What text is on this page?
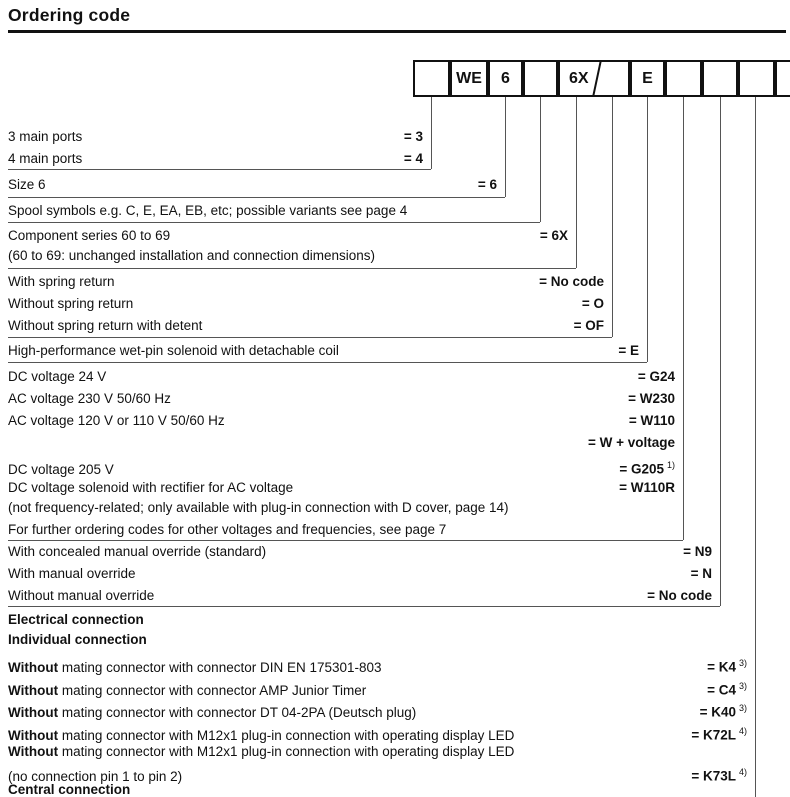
Ordering code
WE 6	6X	E
3 main ports	= 3
4 main ports	= 4
Size 6	= 6
Spool symbols e.g. C, E, EA, EB, etc; possible variants see page 4
Component series 60 to 69	= 6X
(60 to 69: unchanged installation and connection dimensions)
With spring return	= No code
Without spring return	= O
Without spring return with detent	= OF
High-performance wet-pin solenoid with detachable coil	= E
DC voltage 24 V	= G24
AC voltage 230 V 50/60 Hz	= W230
AC voltage 120 V or 110 V 50/60 Hz	= W110
= W + voltage
DC voltage 205 V	= G205 $^{1)}$
DC voltage solenoid with rectifier for AC voltage	= W110R
(not frequency-related; only available with plug-in connection with D cover, page 14)
For further ordering codes for other voltages and frequencies, see page 7
With concealed manual override (standard)	= N9
With manual override	= N
Without manual override	= No code
Electrical connection
Individual connection
Without mating connector with connector DIN EN 175301-803	= K4 $^{3)}$
Without mating connector with connector AMP Junior Timer	= C4 $^{3)}$
Without mating connector with connector DT 04-2PA (Deutsch plug)	= K40 $^{3)}$
Without mating connector with M12x1 plug-in connection with operating display LED	= K72L $^{4)}$
Without mating connector with M12x1 plug-in connection with operating display LED
(no connection pin 1 to pin 2)	= K73L $^{4)}$
Central connection
